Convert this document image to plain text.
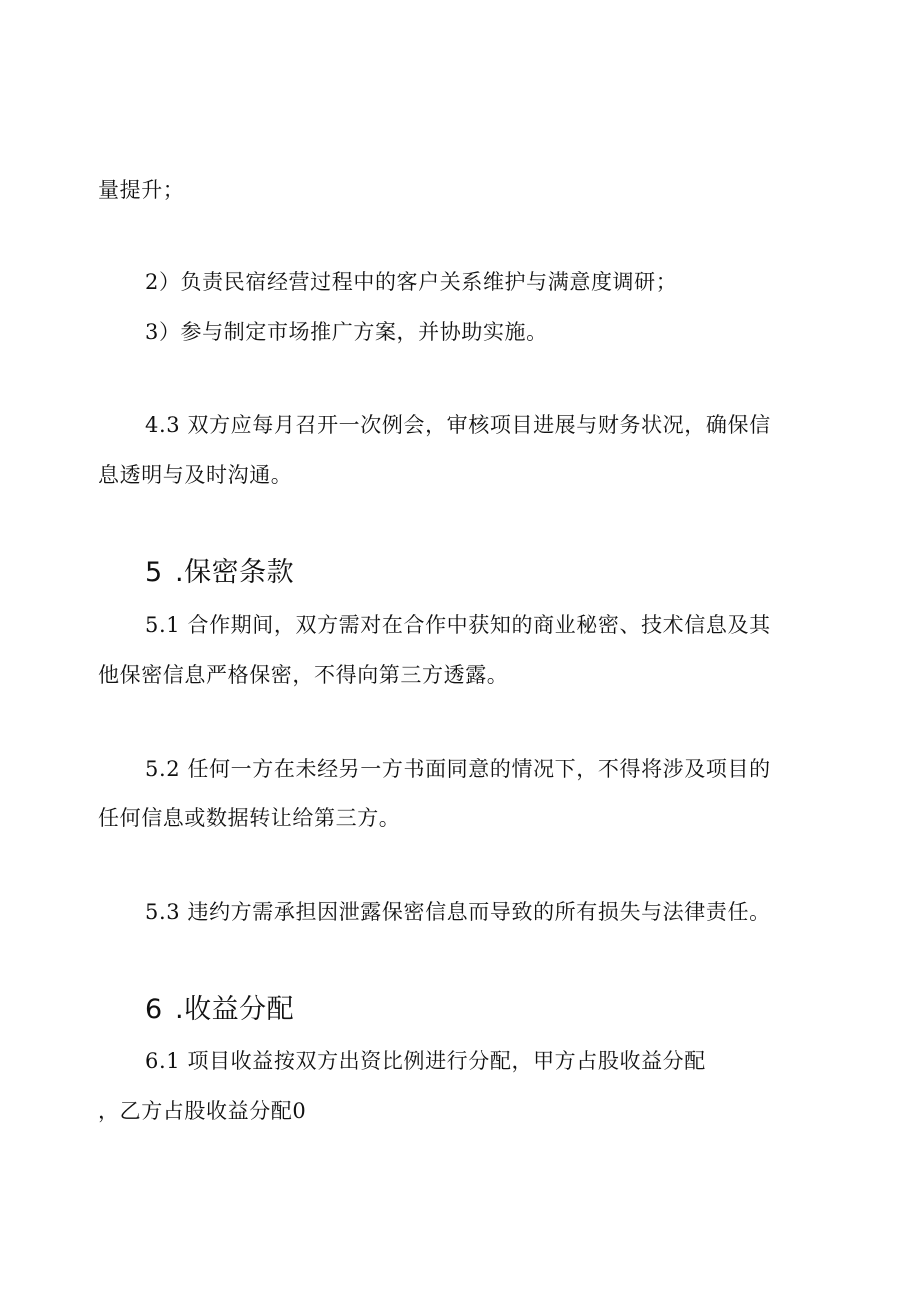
量提升；
2）负责民宿经营过程中的客户关系维护与满意度调研；
3）参与制定市场推广方案，并协助实施。
4.3 双方应每月召开一次例会，审核项目进展与财务状况，确保信
息透明与及时沟通。
5 .保密条款
5.1 合作期间，双方需对在合作中获知的商业秘密、技术信息及其
他保密信息严格保密，不得向第三方透露。
5.2 任何一方在未经另一方书面同意的情况下，不得将涉及项目的
任何信息或数据转让给第三方。
5.3 违约方需承担因泄露保密信息而导致的所有损失与法律责任。
6 .收益分配
6.1 项目收益按双方出资比例进行分配，甲方占股收益分配
，乙方占股收益分配0
